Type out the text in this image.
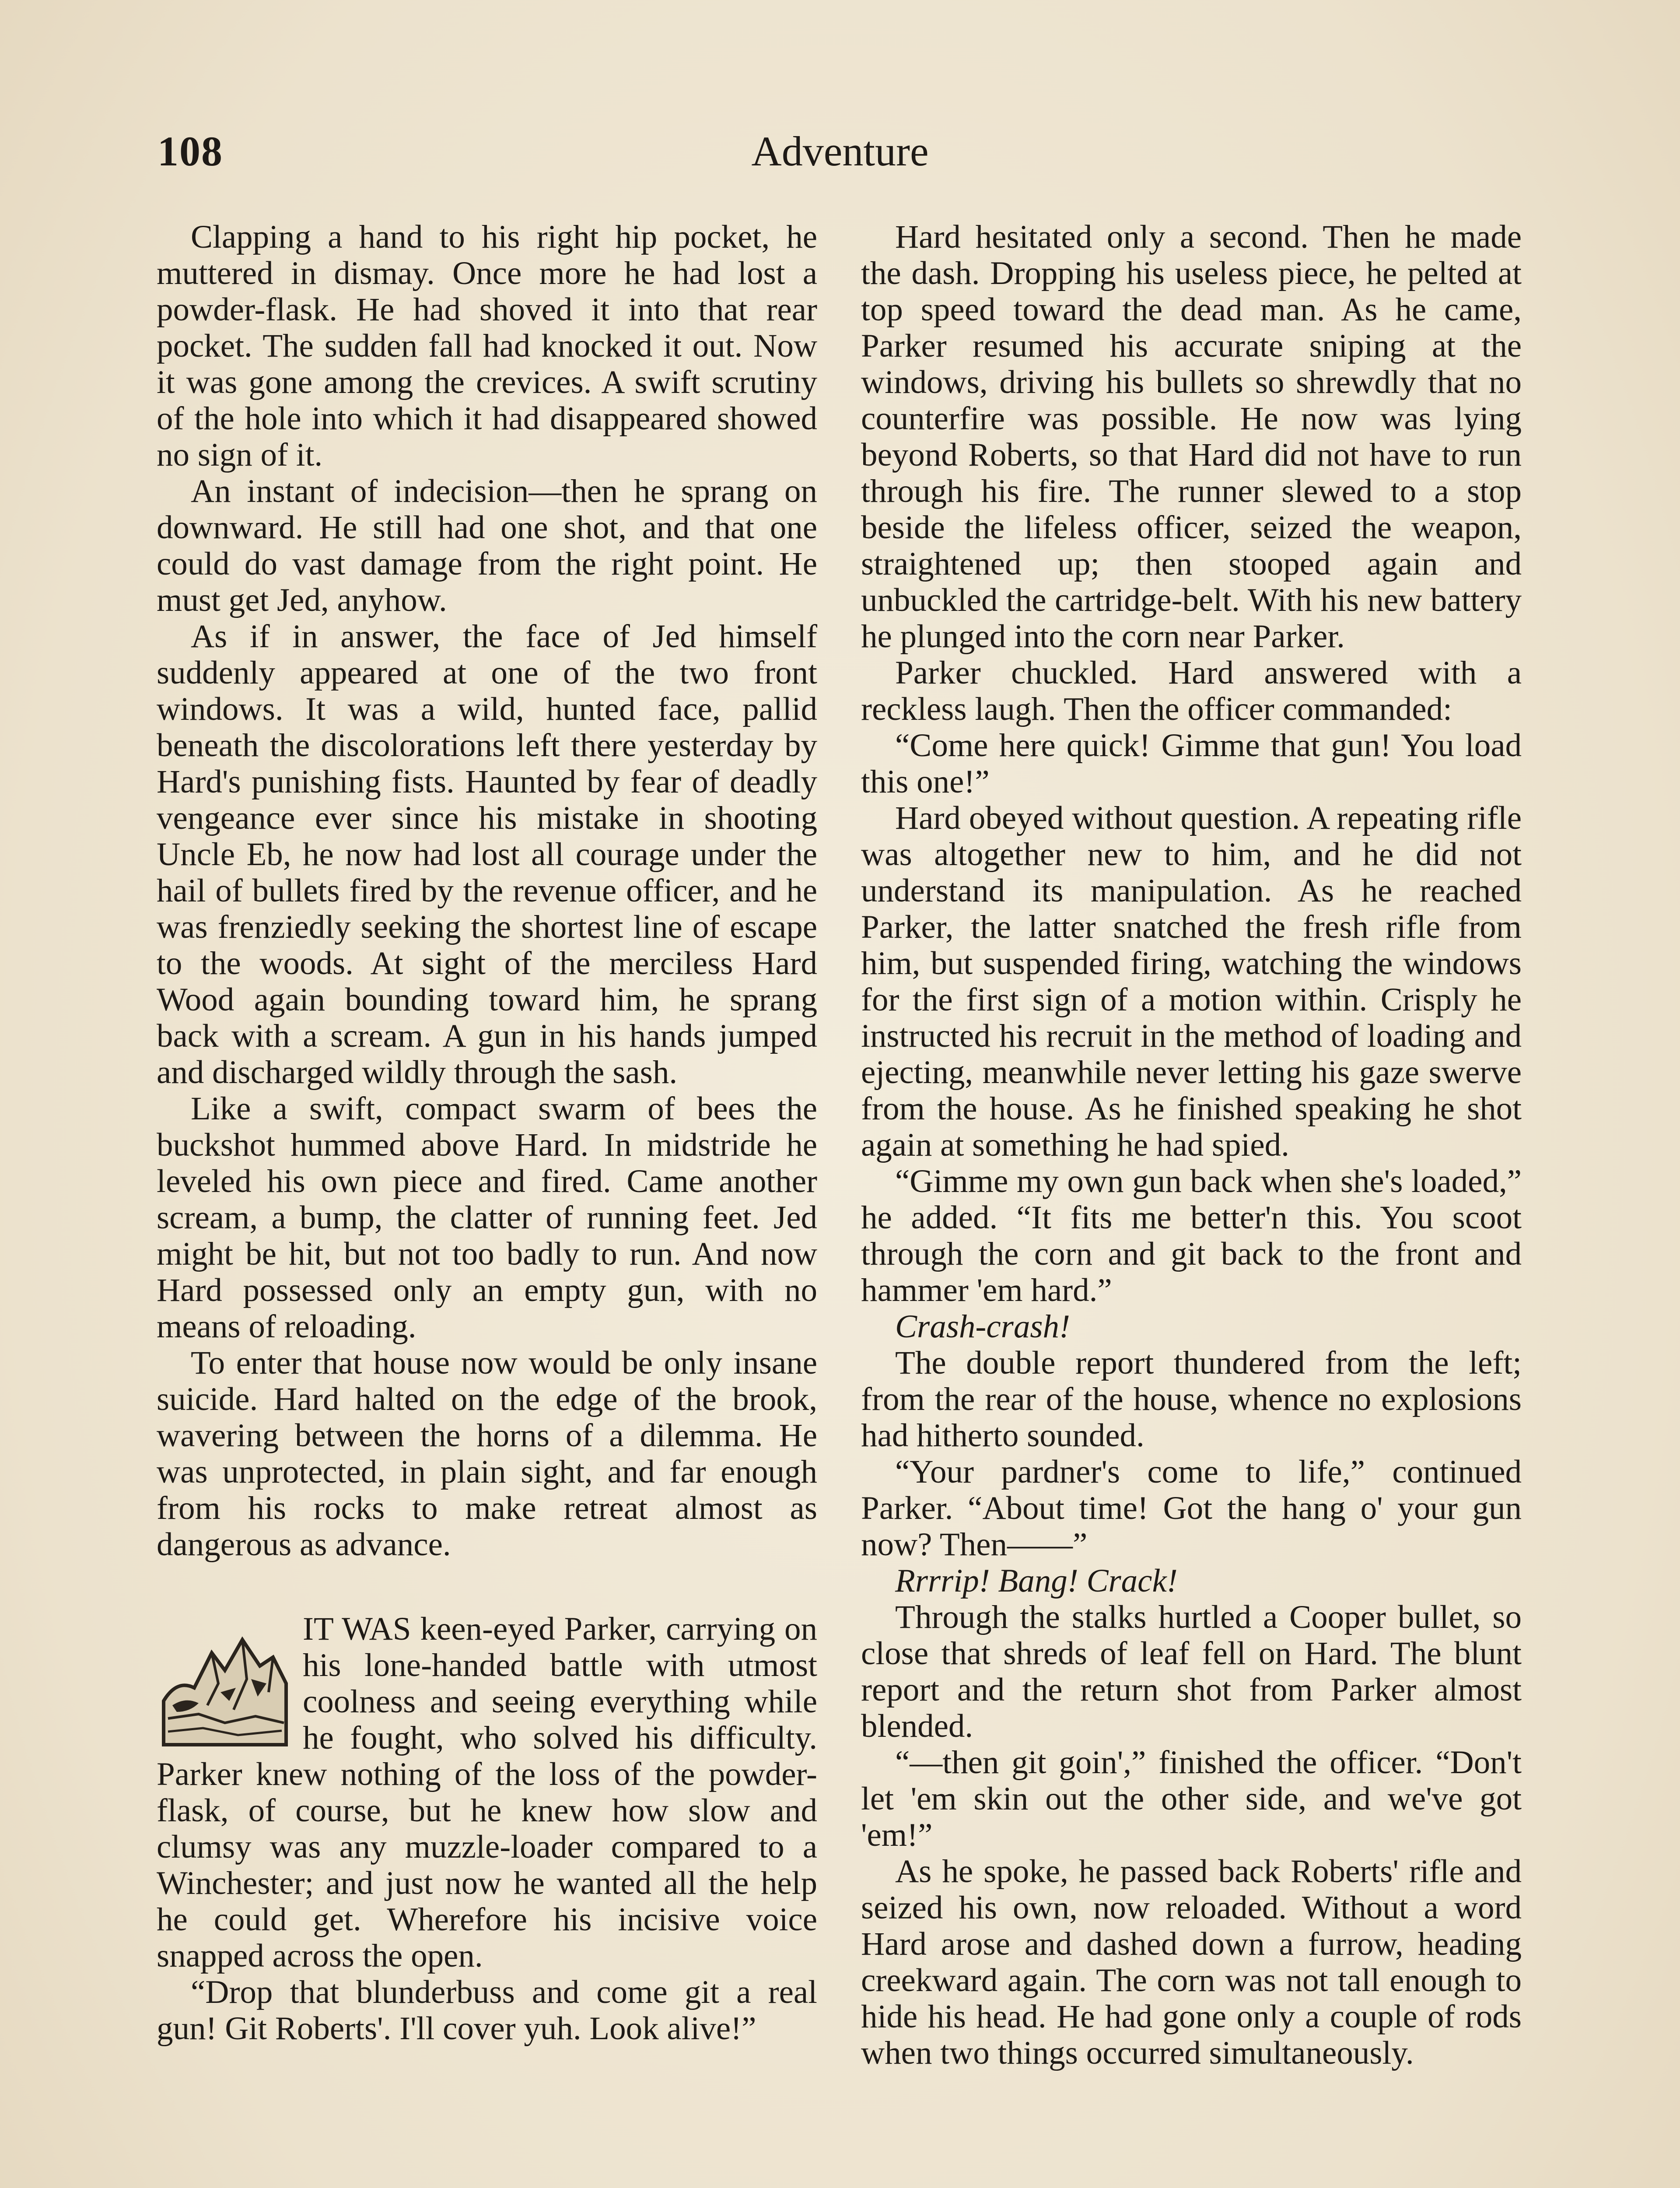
108	Adventure

Clapping a hand to his right hip pocket, he muttered in dismay. Once more he had lost a powder-flask. He had shoved it into that rear pocket. The sudden fall had knocked it out. Now it was gone among the crevices. A swift scrutiny of the hole into which it had disappeared showed no sign of it.

An instant of indecision—then he sprang on downward. He still had one shot, and that one could do vast damage from the right point. He must get Jed, anyhow.

As if in answer, the face of Jed himself suddenly appeared at one of the two front windows. It was a wild, hunted face, pallid beneath the discolorations left there yesterday by Hard's punishing fists. Haunted by fear of deadly vengeance ever since his mistake in shooting Uncle Eb, he now had lost all courage under the hail of bullets fired by the revenue officer, and he was frenziedly seeking the shortest line of escape to the woods. At sight of the merciless Hard Wood again bounding toward him, he sprang back with a scream. A gun in his hands jumped and discharged wildly through the sash.

Like a swift, compact swarm of bees the buckshot hummed above Hard. In midstride he leveled his own piece and fired. Came another scream, a bump, the clatter of running feet. Jed might be hit, but not too badly to run. And now Hard possessed only an empty gun, with no means of reloading.

To enter that house now would be only insane suicide. Hard halted on the edge of the brook, wavering between the horns of a dilemma. He was unprotected, in plain sight, and far enough from his rocks to make retreat almost as dangerous as advance.

IT WAS keen-eyed Parker, carrying on his lone-handed battle with utmost coolness and seeing everything while he fought, who solved his difficulty. Parker knew nothing of the loss of the powder-flask, of course, but he knew how slow and clumsy was any muzzle-loader compared to a Winchester; and just now he wanted all the help he could get. Wherefore his incisive voice snapped across the open.

“Drop that blunderbuss and come git a real gun! Git Roberts'. I'll cover yuh. Look alive!”

Hard hesitated only a second. Then he made the dash. Dropping his useless piece, he pelted at top speed toward the dead man. As he came, Parker resumed his accurate sniping at the windows, driving his bullets so shrewdly that no counterfire was possible. He now was lying beyond Roberts, so that Hard did not have to run through his fire. The runner slewed to a stop beside the lifeless officer, seized the weapon, straightened up; then stooped again and unbuckled the cartridge-belt. With his new battery he plunged into the corn near Parker.

Parker chuckled. Hard answered with a reckless laugh. Then the officer commanded:

“Come here quick! Gimme that gun! You load this one!”

Hard obeyed without question. A repeating rifle was altogether new to him, and he did not understand its manipulation. As he reached Parker, the latter snatched the fresh rifle from him, but suspended firing, watching the windows for the first sign of a motion within. Crisply he instructed his recruit in the method of loading and ejecting, meanwhile never letting his gaze swerve from the house. As he finished speaking he shot again at something he had spied.

“Gimme my own gun back when she's loaded,” he added. “It fits me better'n this. You scoot through the corn and git back to the front and hammer 'em hard.”

Crash-crash!

The double report thundered from the left; from the rear of the house, whence no explosions had hitherto sounded.

“Your pardner's come to life,” continued Parker. “About time! Got the hang o' your gun now? Then——”

Rrrrip! Bang! Crack!

Through the stalks hurtled a Cooper bullet, so close that shreds of leaf fell on Hard. The blunt report and the return shot from Parker almost blended.

“—then git goin',” finished the officer. “Don't let 'em skin out the other side, and we've got 'em!”

As he spoke, he passed back Roberts' rifle and seized his own, now reloaded. Without a word Hard arose and dashed down a furrow, heading creekward again. The corn was not tall enough to hide his head. He had gone only a couple of rods when two things occurred simultaneously.
